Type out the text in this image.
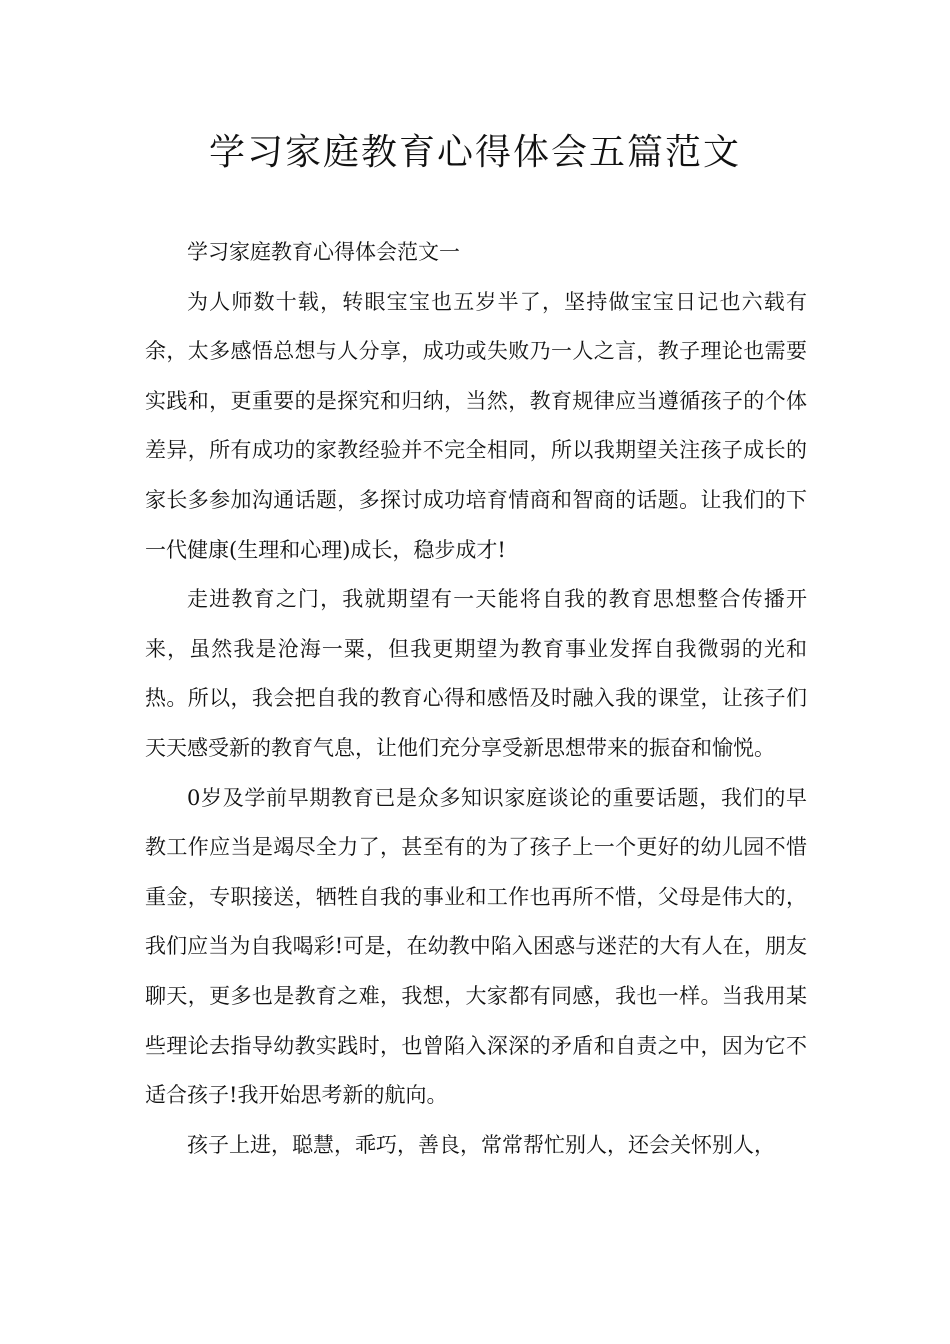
学习家庭教育心得体会五篇范文

学习家庭教育心得体会范文一

为人师数十载，转眼宝宝也五岁半了，坚持做宝宝日记也六载有余，太多感悟总想与人分享，成功或失败乃一人之言，教子理论也需要实践和，更重要的是探究和归纳，当然，教育规律应当遵循孩子的个体差异，所有成功的家教经验并不完全相同，所以我期望关注孩子成长的家长多参加沟通话题，多探讨成功培育情商和智商的话题。让我们的下一代健康(生理和心理)成长，稳步成才!

走进教育之门，我就期望有一天能将自我的教育思想整合传播开来，虽然我是沧海一粟，但我更期望为教育事业发挥自我微弱的光和热。所以，我会把自我的教育心得和感悟及时融入我的课堂，让孩子们天天感受新的教育气息，让他们充分享受新思想带来的振奋和愉悦。

0岁及学前早期教育已是众多知识家庭谈论的重要话题，我们的早教工作应当是竭尽全力了，甚至有的为了孩子上一个更好的幼儿园不惜重金，专职接送，牺牲自我的事业和工作也再所不惜，父母是伟大的，我们应当为自我喝彩!可是，在幼教中陷入困惑与迷茫的大有人在，朋友聊天，更多也是教育之难，我想，大家都有同感，我也一样。当我用某些理论去指导幼教实践时，也曾陷入深深的矛盾和自责之中，因为它不适合孩子!我开始思考新的航向。

孩子上进，聪慧，乖巧，善良，常常帮忙别人，还会关怀别人，
